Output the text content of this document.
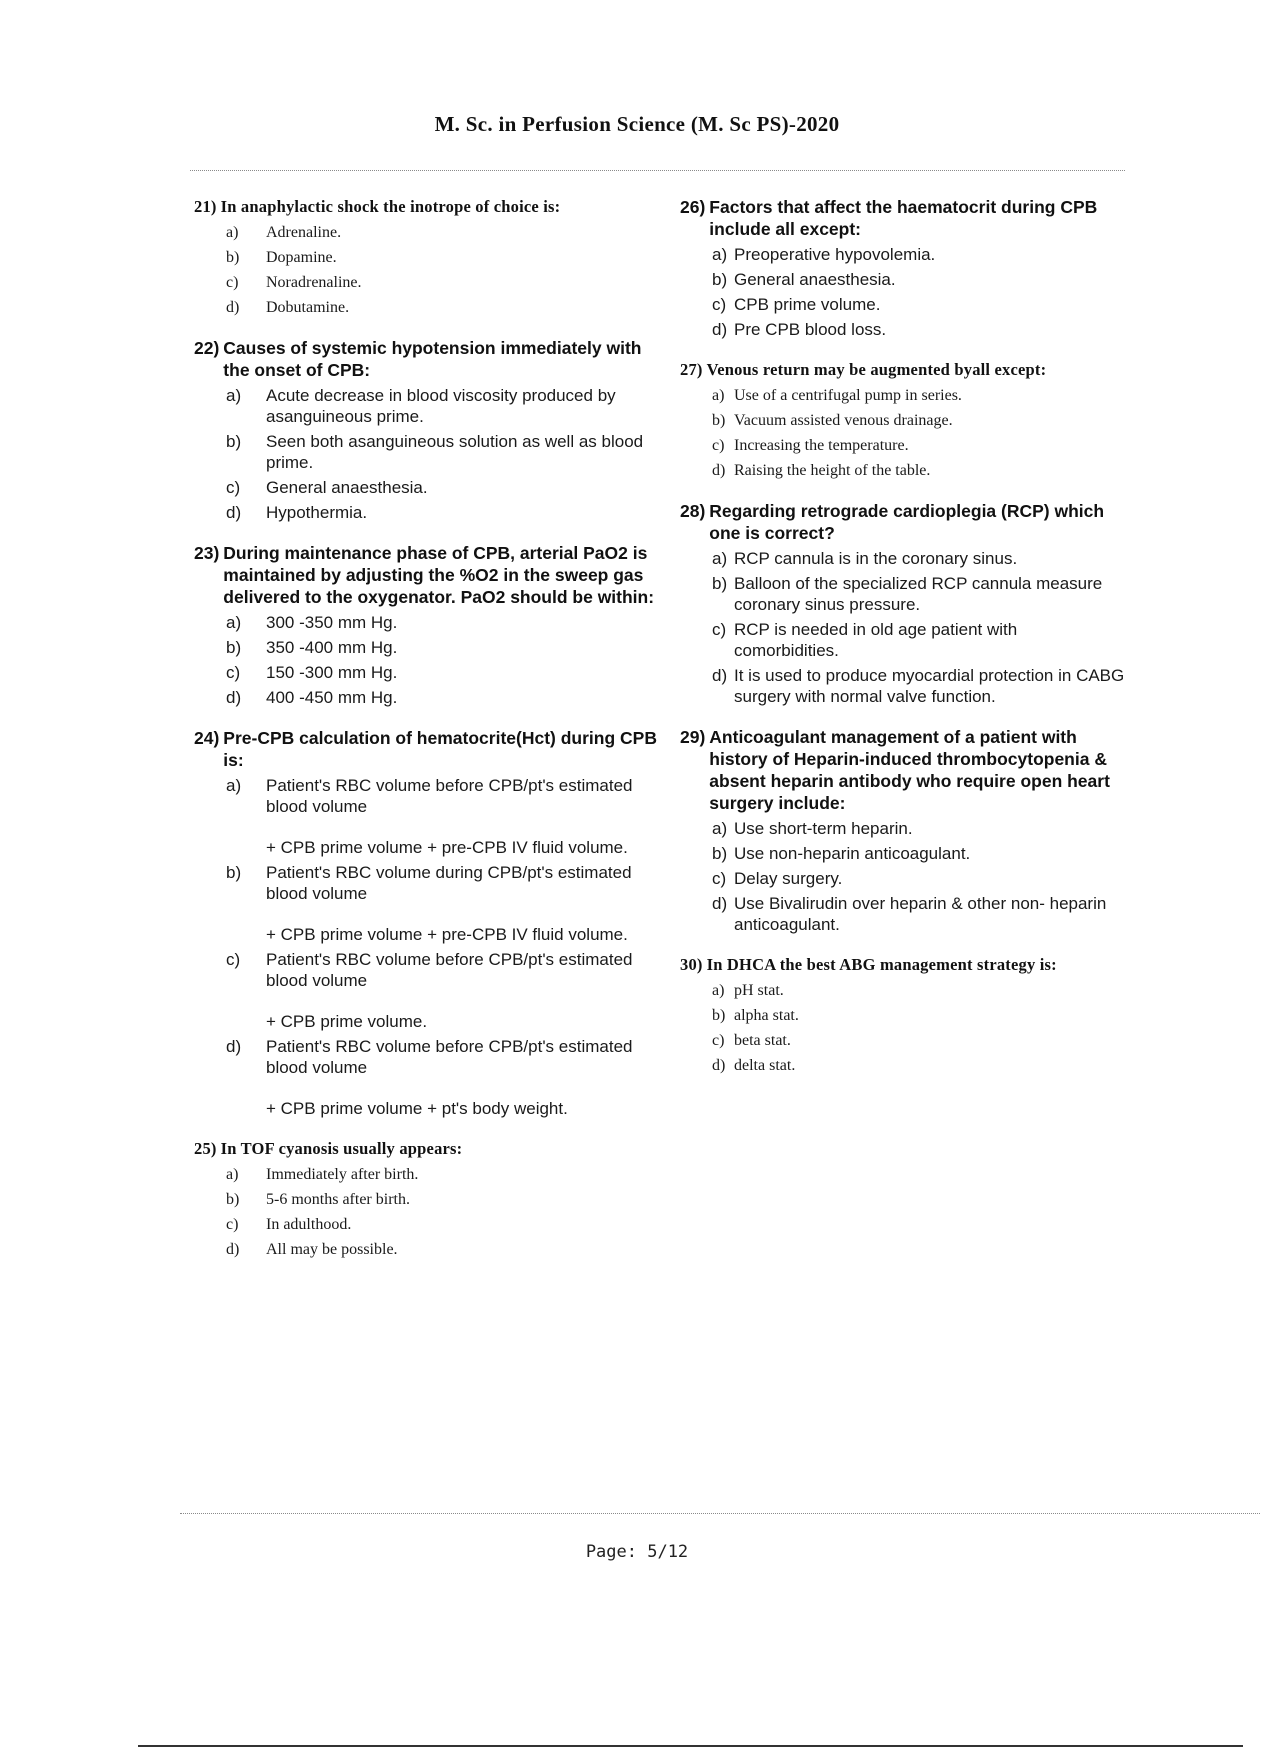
M. Sc. in Perfusion Science (M. Sc PS)-2020
21) In anaphylactic shock the inotrope of choice is:
a)	Adrenaline.
b)	Dopamine.
c)	Noradrenaline.
d)	Dobutamine.
22) Causes of systemic hypotension immediately with the onset of CPB:
a)	Acute decrease in blood viscosity produced by asanguineous prime.
b)	Seen both asanguineous solution as well as blood prime.
c)	General anaesthesia.
d)	Hypothermia.
23) During maintenance phase of CPB, arterial PaO2 is maintained by adjusting the %O2 in the sweep gas delivered to the oxygenator. PaO2 should be within:
a)	300 -350 mm Hg.
b)	350 -400 mm Hg.
c)	150 -300 mm Hg.
d)	400 -450 mm Hg.
24) Pre-CPB calculation of hematocrite(Hct) during CPB is:
a)	Patient's RBC volume before CPB/pt's estimated blood volume
+ CPB prime volume + pre-CPB IV fluid volume.
b)	Patient's RBC volume during CPB/pt's estimated blood volume
+ CPB prime volume + pre-CPB IV fluid volume.
c)	Patient's RBC volume before CPB/pt's estimated blood volume
+ CPB prime volume.
d)	Patient's RBC volume before CPB/pt's estimated blood volume
+ CPB prime volume + pt's body weight.
25) In TOF cyanosis usually appears:
a)	Immediately after birth.
b)	5-6 months after birth.
c)	In adulthood.
d)	All may be possible.
26) Factors that affect the haematocrit during CPB include all except:
a) Preoperative hypovolemia.
b) General anaesthesia.
c) CPB prime volume.
d) Pre CPB blood loss.
27) Venous return may be augmented byall except:
a) Use of a centrifugal pump in series.
b) Vacuum assisted venous drainage.
c) Increasing the temperature.
d) Raising the height of the table.
28) Regarding retrograde cardioplegia (RCP) which one is correct?
a) RCP cannula is in the coronary sinus.
b) Balloon of the specialized RCP cannula measure coronary sinus pressure.
c) RCP is needed in old age patient with comorbidities.
d) It is used to produce myocardial protection in CABG surgery with normal valve function.
29) Anticoagulant management of a patient with history of Heparin-induced thrombocytopenia & absent heparin antibody who require open heart surgery include:
a) Use short-term heparin.
b) Use non-heparin anticoagulant.
c) Delay surgery.
d) Use Bivalirudin over heparin & other non- heparin anticoagulant.
30) In DHCA the best ABG management strategy is:
a) pH stat.
b) alpha stat.
c) beta stat.
d) delta stat.
Page: 5/12
